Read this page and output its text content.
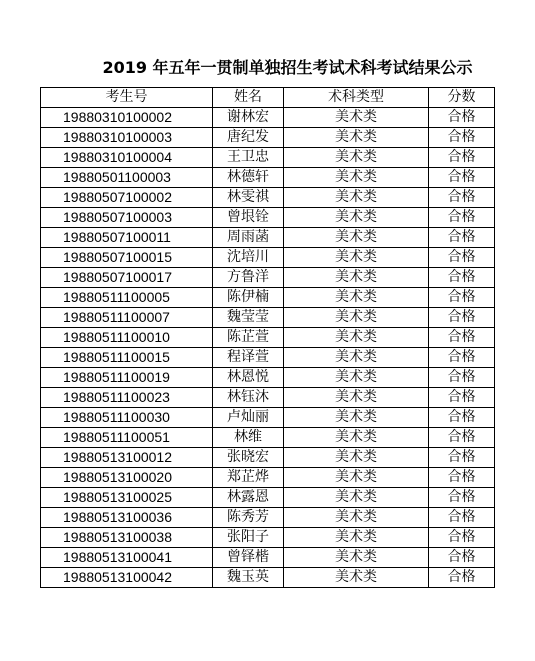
2019 年五年一贯制单独招生考试术科考试结果公示
考生号	姓名	术科类型	分数
19880310100002	谢林宏	美术类	合格
19880310100003	唐纪发	美术类	合格
19880310100004	王卫忠	美术类	合格
19880501100003	林德轩	美术类	合格
19880507100002	林雯祺	美术类	合格
19880507100003	曾垠铨	美术类	合格
19880507100011	周雨菡	美术类	合格
19880507100015	沈培川	美术类	合格
19880507100017	方鲁洋	美术类	合格
19880511100005	陈伊楠	美术类	合格
19880511100007	魏莹莹	美术类	合格
19880511100010	陈芷萱	美术类	合格
19880511100015	程译萱	美术类	合格
19880511100019	林恩悦	美术类	合格
19880511100023	林钰沐	美术类	合格
19880511100030	卢灿丽	美术类	合格
19880511100051	林维	美术类	合格
19880513100012	张晓宏	美术类	合格
19880513100020	郑芷烨	美术类	合格
19880513100025	林露恩	美术类	合格
19880513100036	陈秀芳	美术类	合格
19880513100038	张阳子	美术类	合格
19880513100041	曾铎楷	美术类	合格
19880513100042	魏玉英	美术类	合格
